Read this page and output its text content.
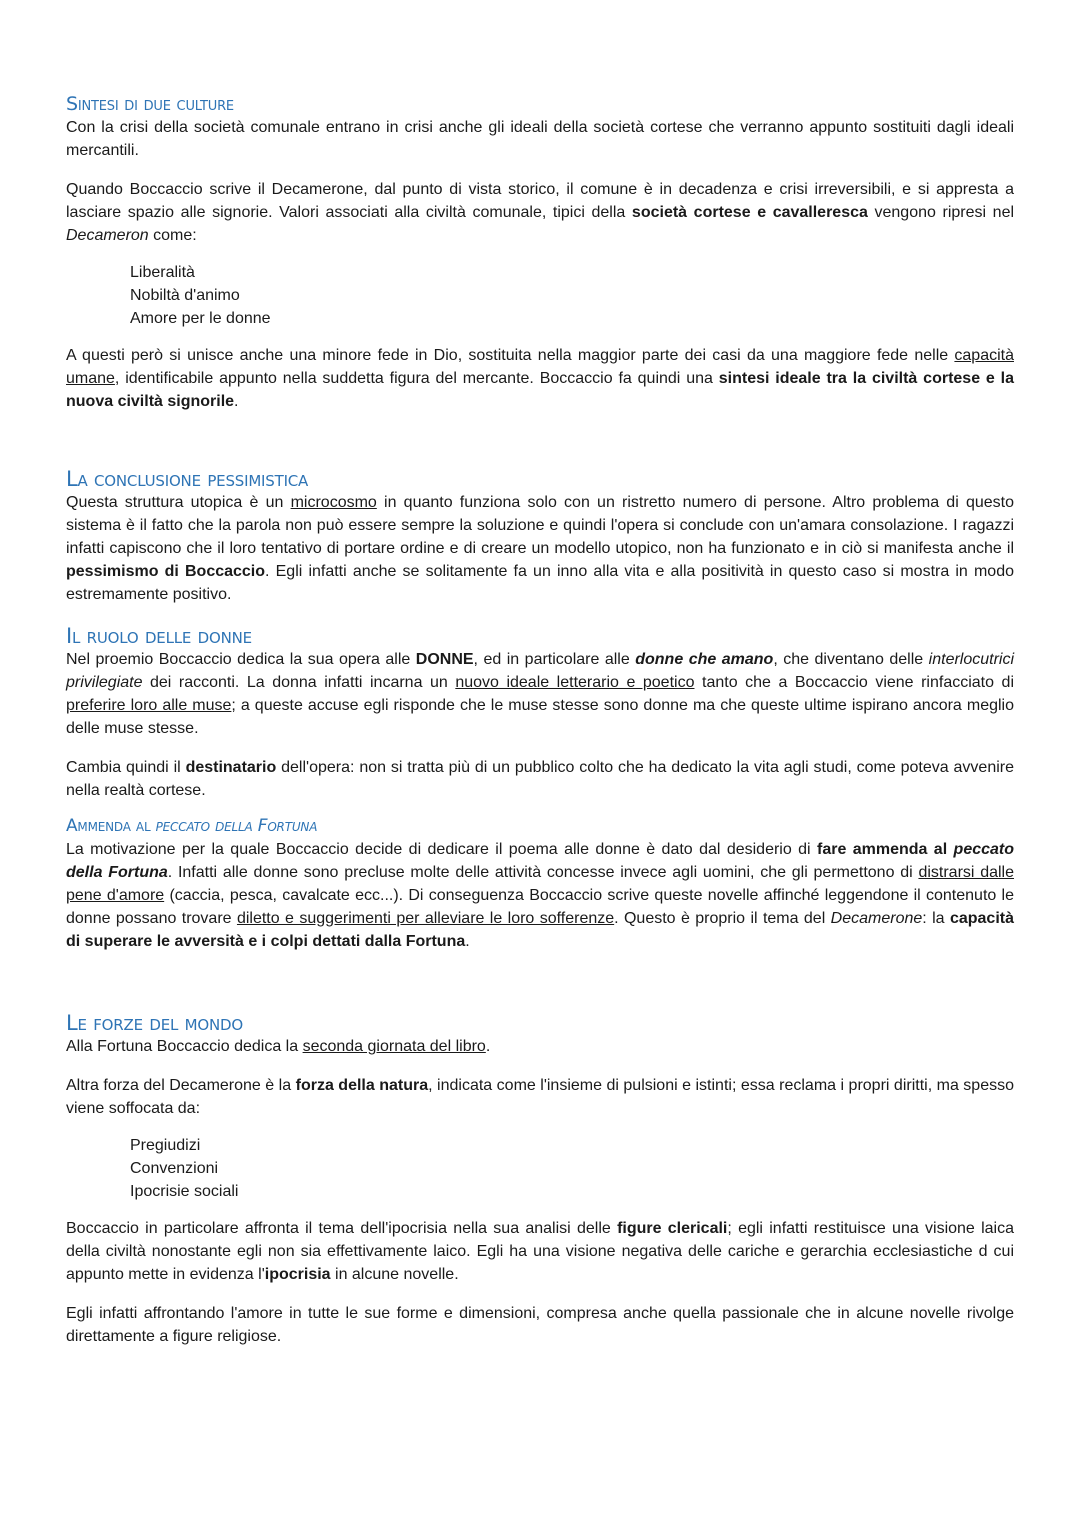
Sintesi di due culture

Con la crisi della società comunale entrano in crisi anche gli ideali della società cortese che verranno appunto sostituiti dagli ideali mercantili.

Quando Boccaccio scrive il Decamerone, dal punto di vista storico, il comune è in decadenza e crisi irreversibili, e si appresta a lasciare spazio alle signorie. Valori associati alla civiltà comunale, tipici della società cortese e cavalleresca vengono ripresi nel Decameron come:

Liberalità
Nobiltà d'animo
Amore per le donne

A questi però si unisce anche una minore fede in Dio, sostituita nella maggior parte dei casi da una maggiore fede nelle capacità umane, identificabile appunto nella suddetta figura del mercante. Boccaccio fa quindi una sintesi ideale tra la civiltà cortese e la nuova civiltà signorile.

La conclusione pessimistica

Questa struttura utopica è un microcosmo in quanto funziona solo con un ristretto numero di persone. Altro problema di questo sistema è il fatto che la parola non può essere sempre la soluzione e quindi l'opera si conclude con un'amara consolazione. I ragazzi infatti capiscono che il loro tentativo di portare ordine e di creare un modello utopico, non ha funzionato e in ciò si manifesta anche il pessimismo di Boccaccio. Egli infatti anche se solitamente fa un inno alla vita e alla positività in questo caso si mostra in modo estremamente positivo.

Il ruolo delle donne

Nel proemio Boccaccio dedica la sua opera alle DONNE, ed in particolare alle donne che amano, che diventano delle interlocutrici privilegiate dei racconti. La donna infatti incarna un nuovo ideale letterario e poetico tanto che a Boccaccio viene rinfacciato di preferire loro alle muse; a queste accuse egli risponde che le muse stesse sono donne ma che queste ultime ispirano ancora meglio delle muse stesse.

Cambia quindi il destinatario dell'opera: non si tratta più di un pubblico colto che ha dedicato la vita agli studi, come poteva avvenire nella realtà cortese.

Ammenda al peccato della Fortuna

La motivazione per la quale Boccaccio decide di dedicare il poema alle donne è dato dal desiderio di fare ammenda al peccato della Fortuna. Infatti alle donne sono precluse molte delle attività concesse invece agli uomini, che gli permettono di distrarsi dalle pene d'amore (caccia, pesca, cavalcate ecc...). Di conseguenza Boccaccio scrive queste novelle affinché leggendone il contenuto le donne possano trovare diletto e suggerimenti per alleviare le loro sofferenze. Questo è proprio il tema del Decamerone: la capacità di superare le avversità e i colpi dettati dalla Fortuna.

Le forze del mondo

Alla Fortuna Boccaccio dedica la seconda giornata del libro.

Altra forza del Decamerone è la forza della natura, indicata come l'insieme di pulsioni e istinti; essa reclama i propri diritti, ma spesso viene soffocata da:

Pregiudizi
Convenzioni
Ipocrisie sociali

Boccaccio in particolare affronta il tema dell'ipocrisia nella sua analisi delle figure clericali; egli infatti restituisce una visione laica della civiltà nonostante egli non sia effettivamente laico. Egli ha una visione negativa delle cariche e gerarchia ecclesiastiche d cui appunto mette in evidenza l'ipocrisia in alcune novelle.

Egli infatti affrontando l'amore in tutte le sue forme e dimensioni, compresa anche quella passionale che in alcune novelle rivolge direttamente a figure religiose.
